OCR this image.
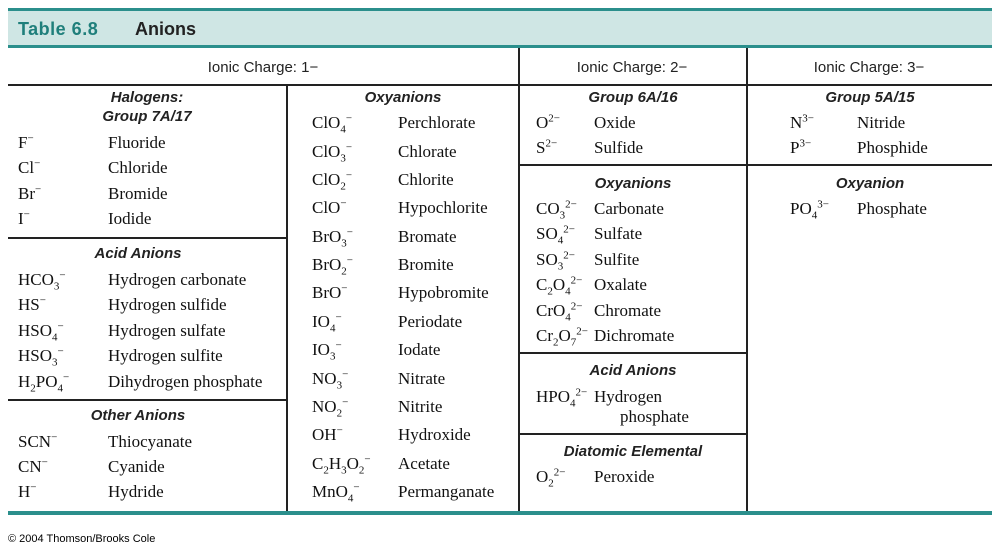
Table 6.8 Anions
Ionic Charge: 1−	Ionic Charge: 2−	Ionic Charge: 3−
Halogens:
Group 7A/17
F−	Fluoride
Cl−	Chloride
Br−	Bromide
I−	Iodide
Acid Anions
$HCO_3^-$ Hydrogen carbonate
HS−	Hydrogen sulfide
$HSO_4^-$	Hydrogen sulfate
$HSO_3^-$	Hydrogen sulfite
$H_2PO_4^-$ Dihydrogen phosphate
Other Anions
SCN−	Thiocyanate
CN−	Cyanide
H−	Hydride
Oxyanions
ClO$_4$−	Perchlorate
ClO$_3$−	Chlorate
ClO$_2$−	Chlorite
ClO−	Hypochlorite
BrO$_3$−	Bromate
BrO$_2$−	Bromite
BrO−	Hypobromite
$IO_4^-$	Periodate
$IO_3^-$	Iodate
$NO_3^-$	Nitrate
$NO_2^-$	Nitrite
OH−	Hydroxide
$C_2H_3O_2^-$ Acetate
MnO$_4$− Permanganate
Group 6A/16
$O^{2-}$ Oxide
$S^{2-}$ Sulfide
Oxyanions
$CO_3^{2-}$ Carbonate
$SO_4^{2-}$ Sulfate
$SO_3^{2-}$ Sulfite
$C_2O_4^{2-}$ Oxalate
CrO$_4^{2-}$ Chromate
$Cr_2O_7^{2-}$ Dichromate
Acid Anions
$HPO_4^{2-}$ Hydrogen
phosphate
Diatomic Elemental
$O_2^{2-}$ Peroxide
Group 5A/15
$N^{3-}$	Nitride
$P^{3-}$	Phosphide
Oxyanion
$PO_4^{3-}$ Phosphate
© 2004 Thomson/Brooks Cole
